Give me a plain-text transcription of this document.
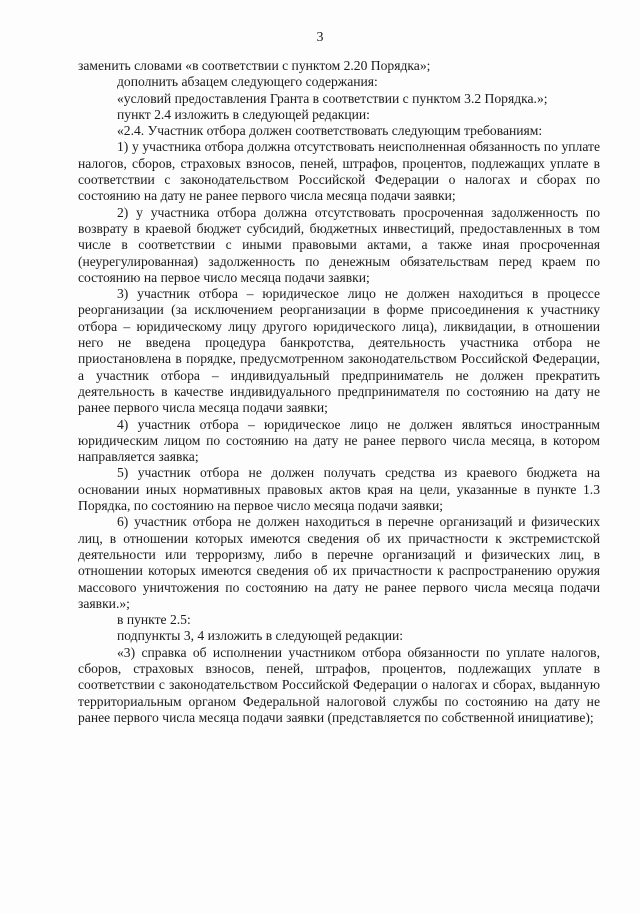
3

заменить словами «в соответствии с пунктом 2.20 Порядка»;

дополнить абзацем следующего содержания:

«условий предоставления Гранта в соответствии с пунктом 3.2 Порядка.»;

пункт 2.4 изложить в следующей редакции:

«2.4. Участник отбора должен соответствовать следующим требованиям:

1) у участника отбора должна отсутствовать неисполненная обязанность по уплате налогов, сборов, страховых взносов, пеней, штрафов, процентов, подлежащих уплате в соответствии с законодательством Российской Федерации о налогах и сборах по состоянию на дату не ранее первого числа месяца подачи заявки;

2) у участника отбора должна отсутствовать просроченная задолженность по возврату в краевой бюджет субсидий, бюджетных инвестиций, предоставленных в том числе в соответствии с иными правовыми актами, а также иная просроченная (неурегулированная) задолженность по денежным обязательствам перед краем по состоянию на первое число месяца подачи заявки;

3) участник отбора – юридическое лицо не должен находиться в процессе реорганизации (за исключением реорганизации в форме присоединения к участнику отбора – юридическому лицу другого юридического лица), ликвидации, в отношении него не введена процедура банкротства, деятельность участника отбора не приостановлена в порядке, предусмотренном законодательством Российской Федерации, а участник отбора – индивидуальный предприниматель не должен прекратить деятельность в качестве индивидуального предпринимателя по состоянию на дату не ранее первого числа месяца подачи заявки;

4) участник отбора – юридическое лицо не должен являться иностранным юридическим лицом по состоянию на дату не ранее первого числа месяца, в котором направляется заявка;

5) участник отбора не должен получать средства из краевого бюджета на основании иных нормативных правовых актов края на цели, указанные в пункте 1.3 Порядка, по состоянию на первое число месяца подачи заявки;

6) участник отбора не должен находиться в перечне организаций и физических лиц, в отношении которых имеются сведения об их причастности к экстремистской деятельности или терроризму, либо в перечне организаций и физических лиц, в отношении которых имеются сведения об их причастности к распространению оружия массового уничтожения по состоянию на дату не ранее первого числа месяца подачи заявки.»;

в пункте 2.5:

подпункты 3, 4 изложить в следующей редакции:

«3) справка об исполнении участником отбора обязанности по уплате налогов, сборов, страховых взносов, пеней, штрафов, процентов, подлежащих уплате в соответствии с законодательством Российской Федерации о налогах и сборах, выданную территориальным органом Федеральной налоговой службы по состоянию на дату не ранее первого числа месяца подачи заявки (представляется по собственной инициативе);
